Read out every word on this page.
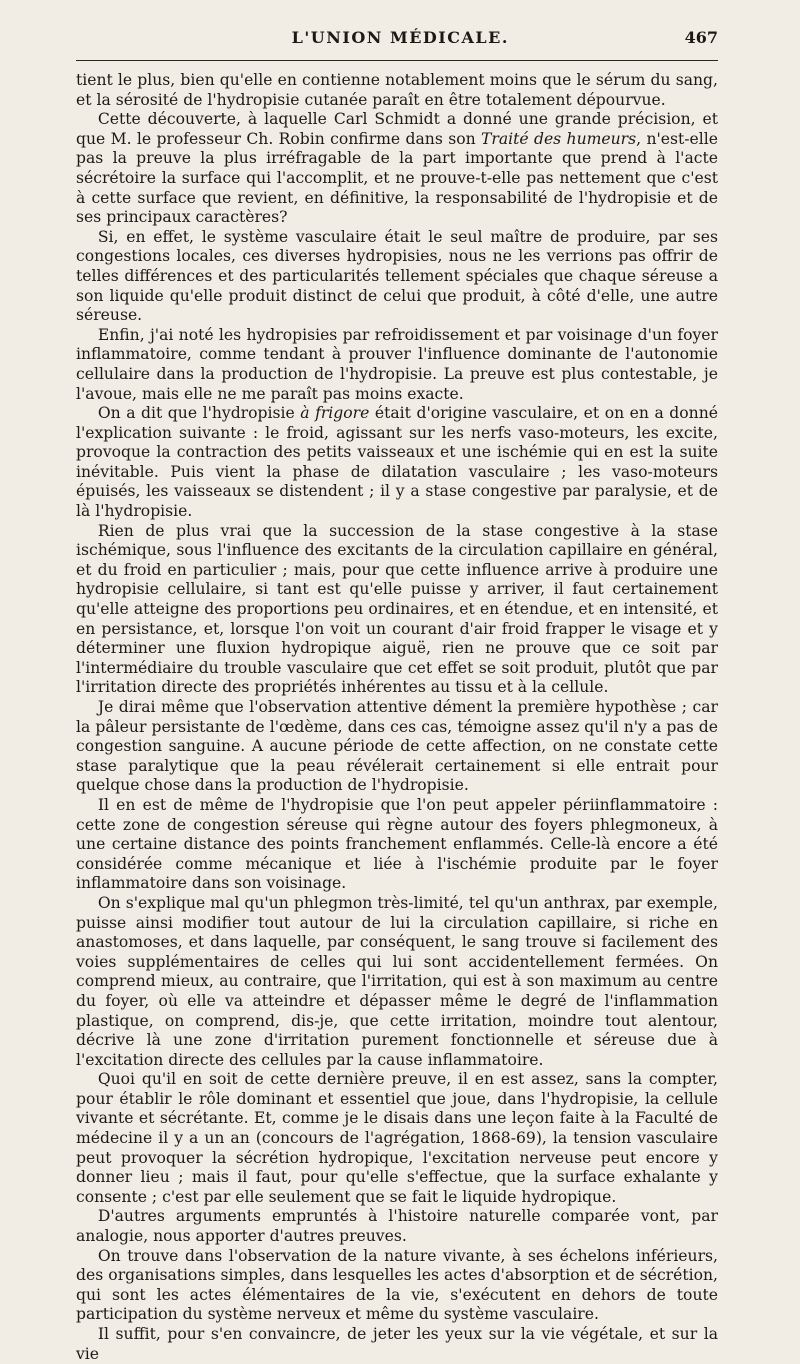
L'UNION MÉDICALE.	467

tient le plus, bien qu'elle en contienne notablement moins que le sérum du sang, et la sérosité de l'hydropisie cutanée paraît en être totalement dépourvue.

Cette découverte, à laquelle Carl Schmidt a donné une grande précision, et que M. le professeur Ch. Robin confirme dans son Traité des humeurs, n'est-elle pas la preuve la plus irréfragable de la part importante que prend à l'acte sécrétoire la surface qui l'accomplit, et ne prouve-t-elle pas nettement que c'est à cette surface que revient, en définitive, la responsabilité de l'hydropisie et de ses principaux caractères?

Si, en effet, le système vasculaire était le seul maître de produire, par ses congestions locales, ces diverses hydropisies, nous ne les verrions pas offrir de telles différences et des particularités tellement spéciales que chaque séreuse a son liquide qu'elle produit distinct de celui que produit, à côté d'elle, une autre séreuse.

Enfin, j'ai noté les hydropisies par refroidissement et par voisinage d'un foyer inflammatoire, comme tendant à prouver l'influence dominante de l'autonomie cellulaire dans la production de l'hydropisie. La preuve est plus contestable, je l'avoue, mais elle ne me paraît pas moins exacte.

On a dit que l'hydropisie à frigore était d'origine vasculaire, et on en a donné l'explication suivante : le froid, agissant sur les nerfs vaso-moteurs, les excite, provoque la contraction des petits vaisseaux et une ischémie qui en est la suite inévitable. Puis vient la phase de dilatation vasculaire ; les vaso-moteurs épuisés, les vaisseaux se distendent ; il y a stase congestive par paralysie, et de là l'hydropisie.

Rien de plus vrai que la succession de la stase congestive à la stase ischémique, sous l'influence des excitants de la circulation capillaire en général, et du froid en particulier ; mais, pour que cette influence arrive à produire une hydropisie cellulaire, si tant est qu'elle puisse y arriver, il faut certainement qu'elle atteigne des proportions peu ordinaires, et en étendue, et en intensité, et en persistance, et, lorsque l'on voit un courant d'air froid frapper le visage et y déterminer une fluxion hydropique aiguë, rien ne prouve que ce soit par l'intermédiaire du trouble vasculaire que cet effet se soit produit, plutôt que par l'irritation directe des propriétés inhérentes au tissu et à la cellule.

Je dirai même que l'observation attentive dément la première hypothèse ; car la pâleur persistante de l'œdème, dans ces cas, témoigne assez qu'il n'y a pas de congestion sanguine. A aucune période de cette affection, on ne constate cette stase paralytique que la peau révélerait certainement si elle entrait pour quelque chose dans la production de l'hydropisie.

Il en est de même de l'hydropisie que l'on peut appeler périinflammatoire : cette zone de congestion séreuse qui règne autour des foyers phlegmoneux, à une certaine distance des points franchement enflammés. Celle-là encore a été considérée comme mécanique et liée à l'ischémie produite par le foyer inflammatoire dans son voisinage.

On s'explique mal qu'un phlegmon très-limité, tel qu'un anthrax, par exemple, puisse ainsi modifier tout autour de lui la circulation capillaire, si riche en anastomoses, et dans laquelle, par conséquent, le sang trouve si facilement des voies supplémentaires de celles qui lui sont accidentellement fermées. On comprend mieux, au contraire, que l'irritation, qui est à son maximum au centre du foyer, où elle va atteindre et dépasser même le degré de l'inflammation plastique, on comprend, dis-je, que cette irritation, moindre tout alentour, décrive là une zone d'irritation purement fonctionnelle et séreuse due à l'excitation directe des cellules par la cause inflammatoire.

Quoi qu'il en soit de cette dernière preuve, il en est assez, sans la compter, pour établir le rôle dominant et essentiel que joue, dans l'hydropisie, la cellule vivante et sécrétante. Et, comme je le disais dans une leçon faite à la Faculté de médecine il y a un an (concours de l'agrégation, 1868-69), la tension vasculaire peut provoquer la sécrétion hydropique, l'excitation nerveuse peut encore y donner lieu ; mais il faut, pour qu'elle s'effectue, que la surface exhalante y consente ; c'est par elle seulement que se fait le liquide hydropique.

D'autres arguments empruntés à l'histoire naturelle comparée vont, par analogie, nous apporter d'autres preuves.

On trouve dans l'observation de la nature vivante, à ses échelons inférieurs, des organisations simples, dans lesquelles les actes d'absorption et de sécrétion, qui sont les actes élémentaires de la vie, s'exécutent en dehors de toute participation du système nerveux et même du système vasculaire.

Il suffit, pour s'en convaincre, de jeter les yeux sur la vie végétale, et sur la vie
